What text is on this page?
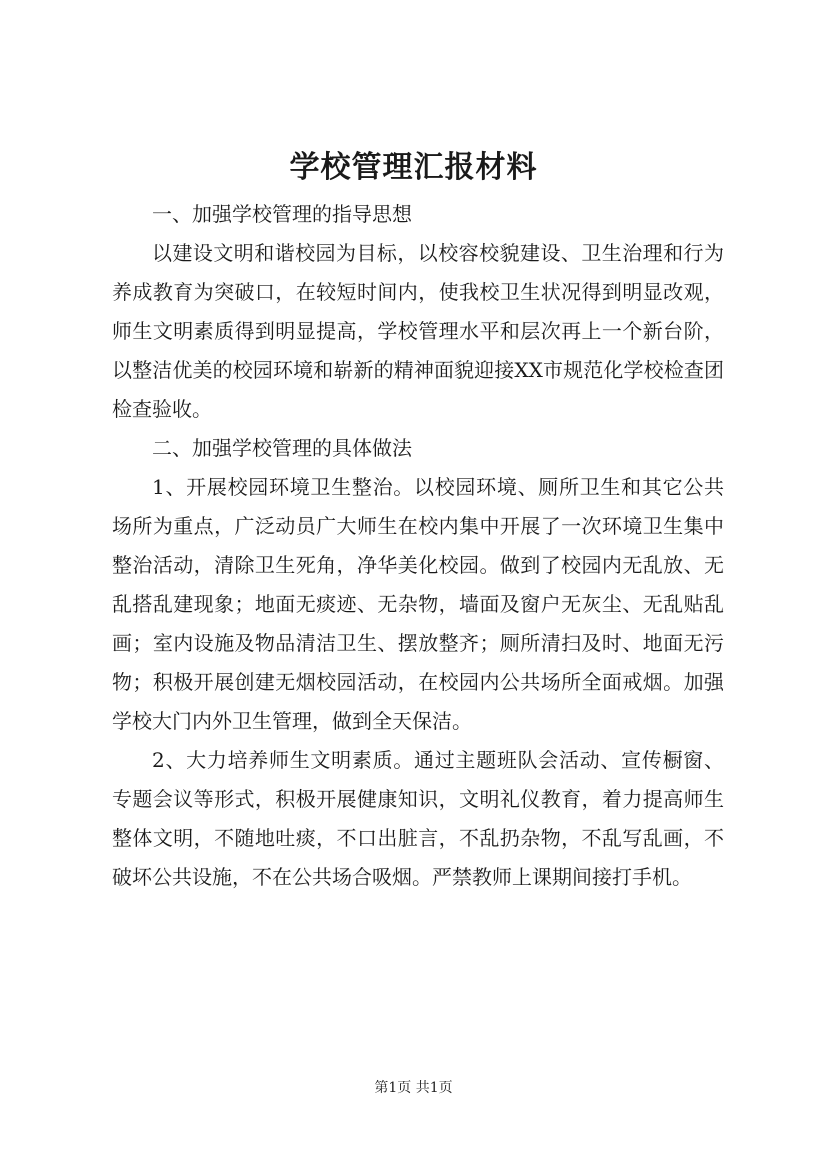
学校管理汇报材料

一、加强学校管理的指导思想

以建设文明和谐校园为目标，以校容校貌建设、卫生治理和行为养成教育为突破口，在较短时间内，使我校卫生状况得到明显改观，师生文明素质得到明显提高，学校管理水平和层次再上一个新台阶，以整洁优美的校园环境和崭新的精神面貌迎接XX市规范化学校检查团检查验收。

二、加强学校管理的具体做法

1、开展校园环境卫生整治。以校园环境、厕所卫生和其它公共场所为重点，广泛动员广大师生在校内集中开展了一次环境卫生集中整治活动，清除卫生死角，净华美化校园。做到了校园内无乱放、无乱搭乱建现象；地面无痰迹、无杂物，墙面及窗户无灰尘、无乱贴乱画；室内设施及物品清洁卫生、摆放整齐；厕所清扫及时、地面无污物；积极开展创建无烟校园活动，在校园内公共场所全面戒烟。加强学校大门内外卫生管理，做到全天保洁。

2、大力培养师生文明素质。通过主题班队会活动、宣传橱窗、专题会议等形式，积极开展健康知识，文明礼仪教育，着力提高师生整体文明，不随地吐痰，不口出脏言，不乱扔杂物，不乱写乱画，不破坏公共设施，不在公共场合吸烟。严禁教师上课期间接打手机。

第1页 共1页
